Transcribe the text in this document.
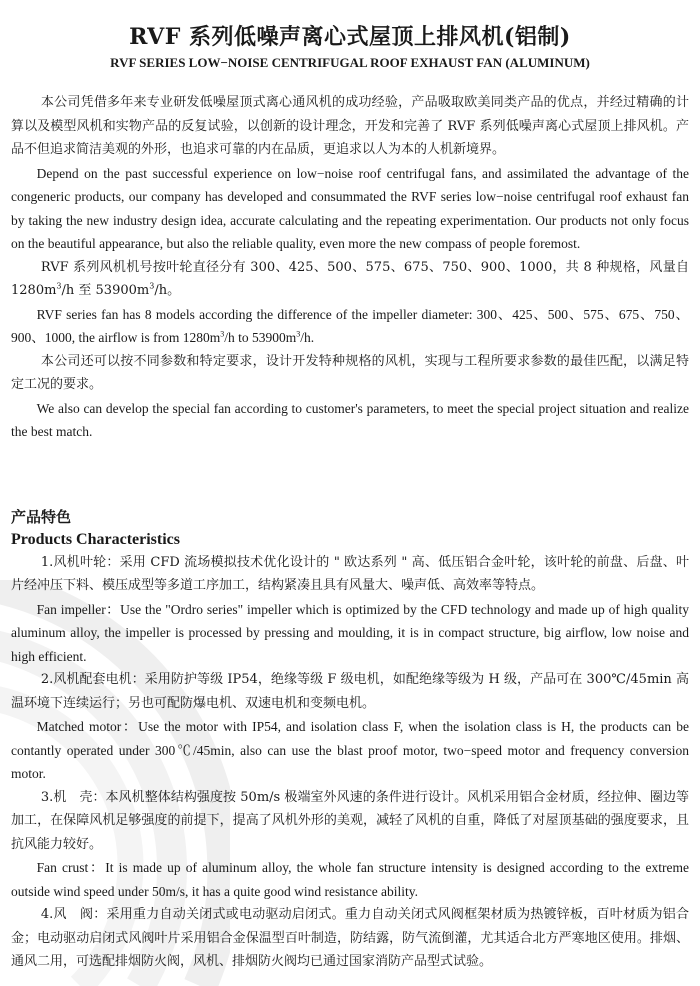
RVF 系列低噪声离心式屋顶上排风机(铝制)
RVF SERIES LOW−NOISE CENTRIFUGAL ROOF EXHAUST FAN (ALUMINUM)

本公司凭借多年来专业研发低噪屋顶式离心通风机的成功经验，产品吸取欧美同类产品的优点，并经过精确的计算以及模型风机和实物产品的反复试验，以创新的设计理念，开发和完善了 RVF 系列低噪声离心式屋顶上排风机。产品不但追求简洁美观的外形，也追求可靠的内在品质，更追求以人为本的人机新境界。

Depend on the past successful experience on low−noise roof centrifugal fans, and assimilated the advantage of the congeneric products, our company has developed and consummated the RVF series low−noise centrifugal roof exhaust fan by taking the new industry design idea, accurate calculating and the repeating experimentation. Our products not only focus on the beautiful appearance, but also the reliable quality, even more the new compass of people foremost.

RVF 系列风机机号按叶轮直径分有 300、425、500、575、675、750、900、1000，共 8 种规格，风量自 $1280m^3/h$ 至 $53900m^3/h$。

RVF series fan has 8 models according the difference of the impeller diameter: 300、425、500、575、675、750、900、1000, the airflow is from $1280m^3/h$ to $53900m^3/h$.

本公司还可以按不同参数和特定要求，设计开发特种规格的风机，实现与工程所要求参数的最佳匹配，以满足特定工况的要求。

We also can develop the special fan according to customer's parameters, to meet the special project situation and realize the best match.

产品特色
Products Characteristics

1.风机叶轮：采用 CFD 流场模拟技术优化设计的 " 欧达系列 " 高、低压铝合金叶轮，该叶轮的前盘、后盘、叶片经冲压下料、模压成型等多道工序加工，结构紧凑且具有风量大、噪声低、高效率等特点。

Fan impeller：Use the "Ordro series" impeller which is optimized by the CFD technology and made up of high quality aluminum alloy, the impeller is processed by pressing and moulding, it is in compact structure, big airflow, low noise and high efficient.

2.风机配套电机：采用防护等级 IP54，绝缘等级 F 级电机，如配绝缘等级为 H 级，产品可在 300℃/45min 高温环境下连续运行；另也可配防爆电机、双速电机和变频电机。

Matched motor：Use the motor with IP54, and isolation class F, when the isolation class is H, the products can be contantly operated under 300℃/45min, also can use the blast proof motor, two−speed motor and frequency conversion motor.

3.机　壳：本风机整体结构强度按 50m/s 极端室外风速的条件进行设计。风机采用铝合金材质，经拉伸、圈边等加工，在保障风机足够强度的前提下，提高了风机外形的美观，减轻了风机的自重，降低了对屋顶基础的强度要求，且抗风能力较好。

Fan crust：It is made up of aluminum alloy, the whole fan structure intensity is designed according to the extreme outside wind speed under 50m/s, it has a quite good wind resistance ability.

4.风　阀：采用重力自动关闭式或电动驱动启闭式。重力自动关闭式风阀框架材质为热镀锌板，百叶材质为铝合金；电动驱动启闭式风阀叶片采用铝合金保温型百叶制造，防结露，防气流倒灌，尤其适合北方严寒地区使用。排烟、通风二用，可选配排烟防火阀，风机、排烟防火阀均已通过国家消防产品型式试验。
